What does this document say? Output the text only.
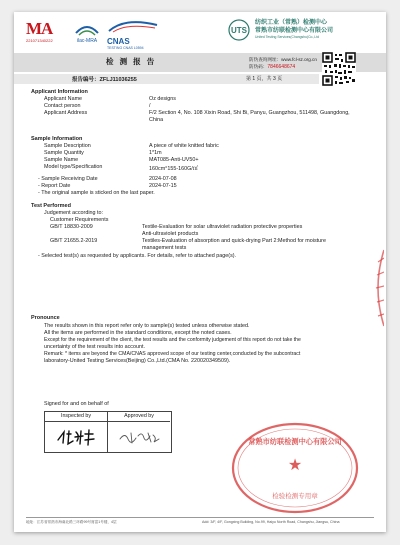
MA
221071340222	ilac-MRA CNAS
TESTING CNAS L0594
UTS
纺织工业（常熟）检测中心
常熟市纺联检测中心有限公司
United Testing Services(Changshu)Co.,Ltd
检 测 报 告	防伪查询网址：www.fcl-sz.org.cn
防伪码：7846648674
报告编号：ZFLJ11036255	第 1 页，共 3 页
Applicant Information
Applicant Name	Oz designs
Contact person	/
Applicant Address	F/2 Section 4, No. 108 Xixin Road, Shi Bi, Panyu, Guangzhou, 511498, Guangdong, China
Sample Information
Sample Description	A piece of white knitted fabric
Sample Quantity	1*1m
Sample Name	MAT085-Anti-UV50+
Model type/Specification	160cm°155-160G/㎡
- Sample Receiving Date	2024-07-08
- Report Date	2024-07-15
- The original sample is sticked on the last paper.
Test Performed
Judgement according to:
Customer Requirements
GB/T 18830-2009	Textile-Evaluation for solar ultraviolet radiation protective properties
Anti-ultraviolet products
GB/T 21655.2-2019	Textiles-Evaluation of absorption and quick-drying Part 2:Method for moisture
management tests
- Selected test(s) as requested by applicants. For details, refer to attached page(s).
Pronounce
The results shown in this report refer only to sample(s) tested unless otherwise stated.
All the items are performed in the standard conditions, except the noted cases.
Except for the requirement of the client, the test results and the conformity judgement of this report do not take the
uncertainty of the test results into account.
Remark: * items are beyond the CMA/CNAS approved scope of our testing center,conducted by the subcontract
laboratory-United Testing Services(Beijing) Co.,Ltd.(CMA No. 220020349509).
Signed for and on behalf of
Inspected by	Approved by
★
常熟市纺联检测中心有限公司
检验检测专用章
地址：江苏省常熟市海虞北路三环路99号财富1号楼，4层	Add: 3/F, 4/F, Gongxing Building, No.99, Haiyu North Road, Changshu, Jiangsu, China
